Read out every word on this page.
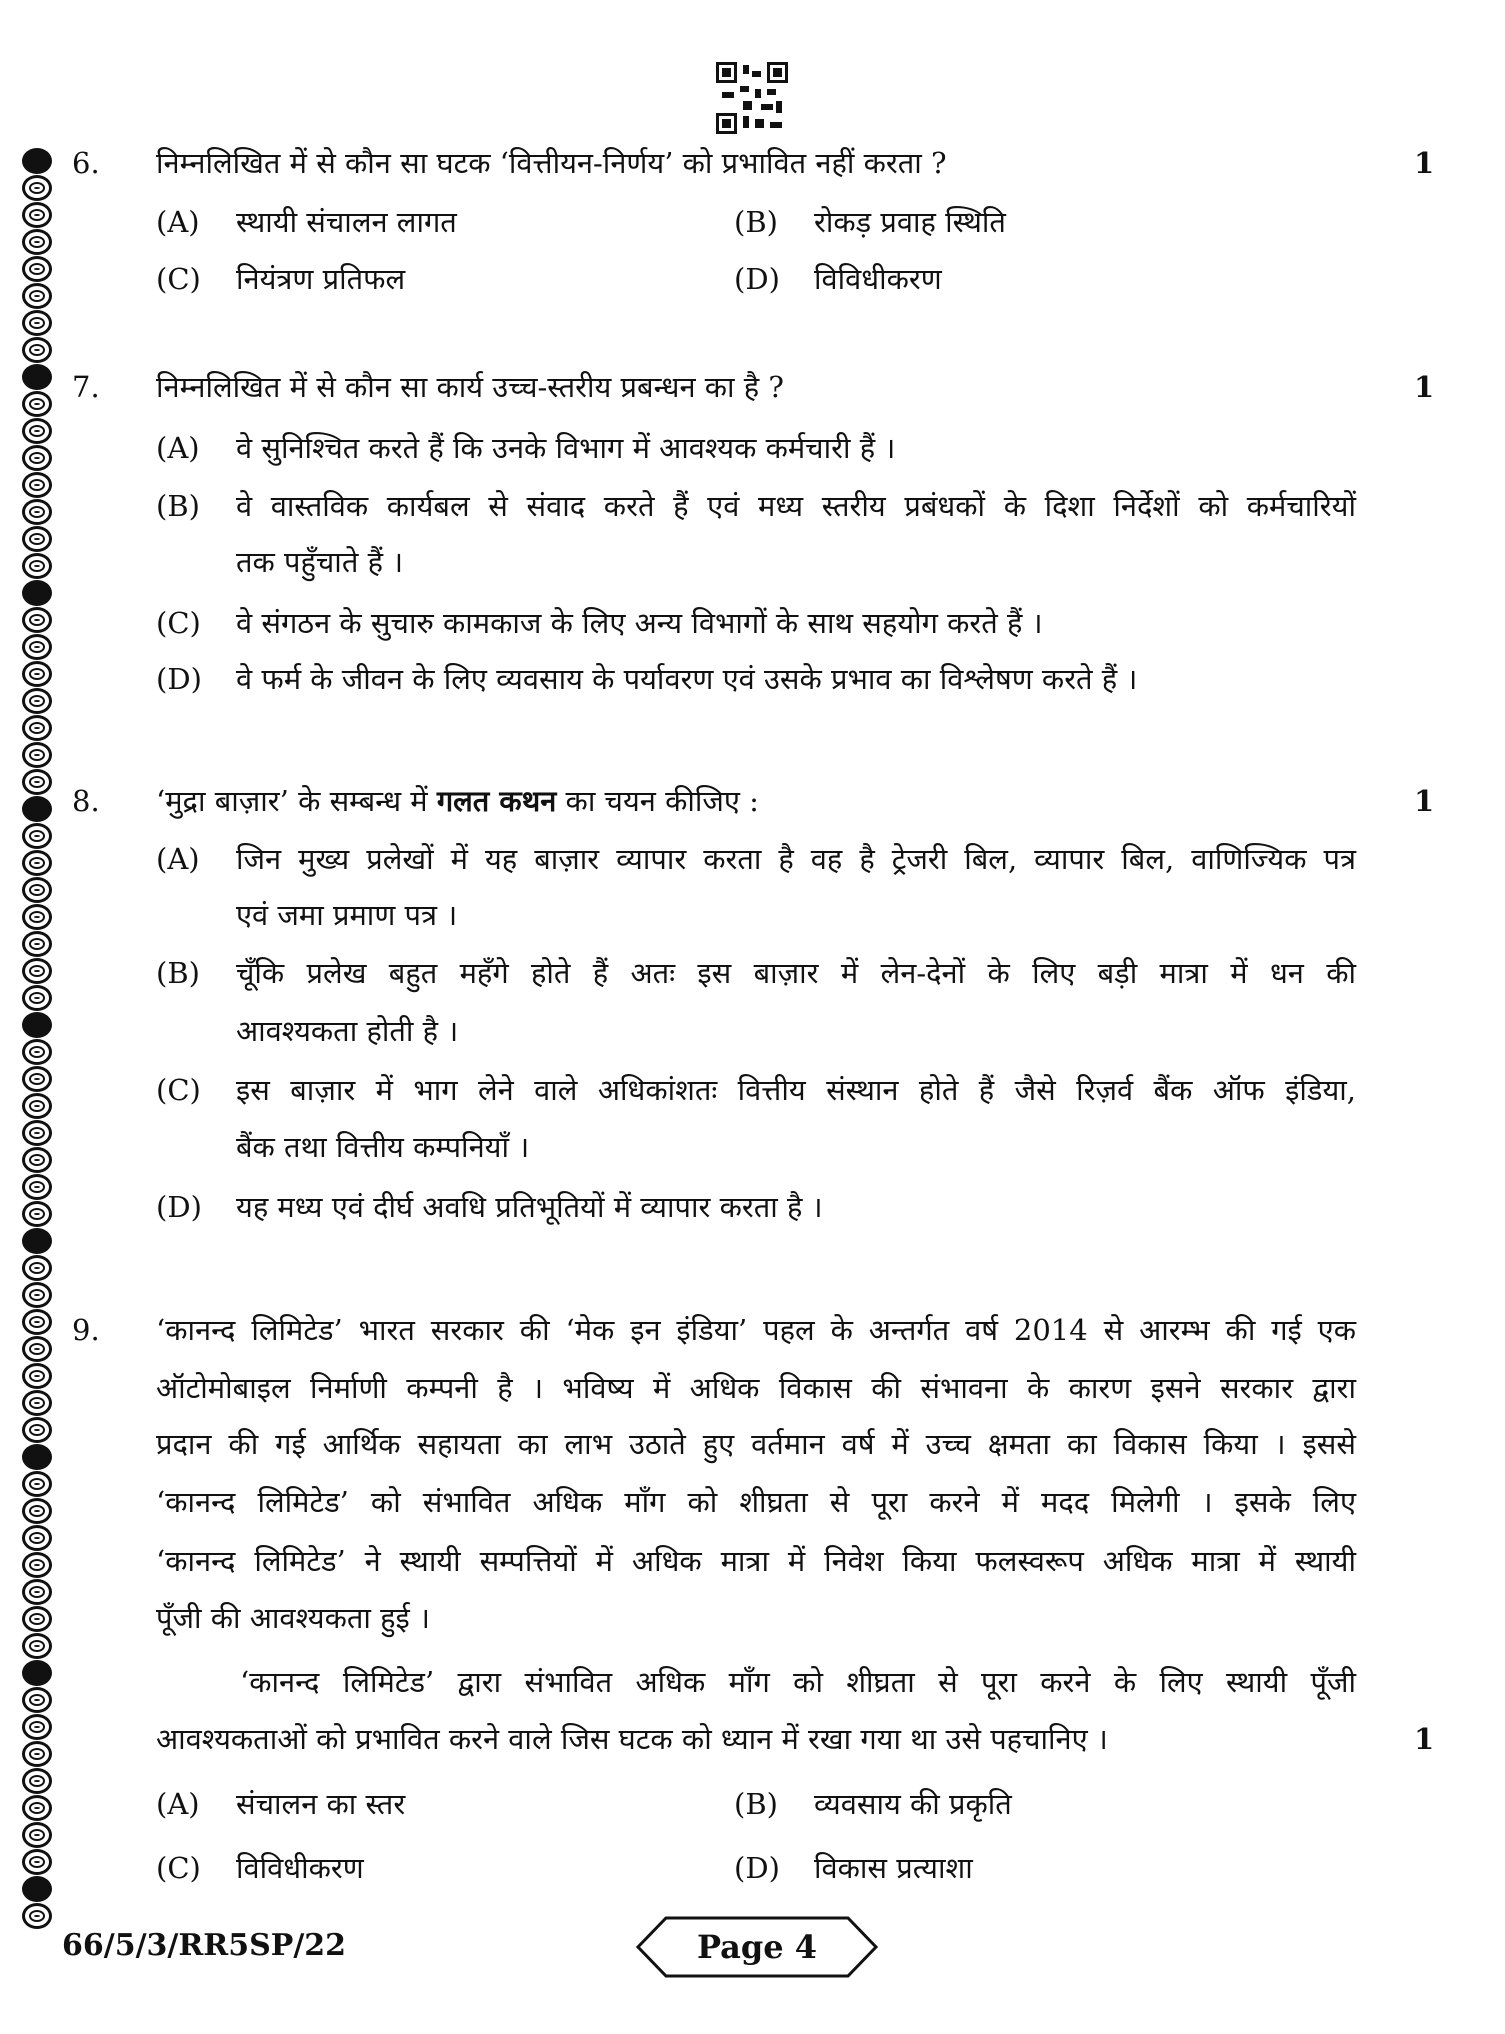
6. निम्नलिखित में से कौन सा घटक ‘वित्तीयन-निर्णय’ को प्रभावित नहीं करता ?	1
(A) स्थायी संचालन लागत	(B) रोकड़ प्रवाह स्थिति
(C) नियंत्रण प्रतिफल	(D) विविधीकरण
7. निम्नलिखित में से कौन सा कार्य उच्च-स्तरीय प्रबन्धन का है ?	1
(A) वे सुनिश्चित करते हैं कि उनके विभाग में आवश्यक कर्मचारी हैं ।
(B) वे वास्तविक कार्यबल से संवाद करते हैं एवं मध्य स्तरीय प्रबंधकों के दिशा निर्देशों को कर्मचारियों
तक पहुँचाते हैं ।
(C) वे संगठन के सुचारु कामकाज के लिए अन्य विभागों के साथ सहयोग करते हैं ।
(D) वे फर्म के जीवन के लिए व्यवसाय के पर्यावरण एवं उसके प्रभाव का विश्लेषण करते हैं ।
8. ‘मुद्रा बाज़ार’ के सम्बन्ध में गलत कथन का चयन कीजिए :	1
(A) जिन मुख्य प्रलेखों में यह बाज़ार व्यापार करता है वह है ट्रेजरी बिल, व्यापार बिल, वाणिज्यिक पत्र
एवं जमा प्रमाण पत्र ।
(B) चूँकि प्रलेख बहुत महँगे होते हैं अतः इस बाज़ार में लेन-देनों के लिए बड़ी मात्रा में धन की
आवश्यकता होती है ।
(C) इस बाज़ार में भाग लेने वाले अधिकांशतः वित्तीय संस्थान होते हैं जैसे रिज़र्व बैंक ऑफ इंडिया,
बैंक तथा वित्तीय कम्पनियाँ ।
(D) यह मध्य एवं दीर्घ अवधि प्रतिभूतियों में व्यापार करता है ।
9. ‘कानन्द लिमिटेड’ भारत सरकार की ‘मेक इन इंडिया’ पहल के अन्तर्गत वर्ष 2014 से आरम्भ की गई एक
ऑटोमोबाइल निर्माणी कम्पनी है । भविष्य में अधिक विकास की संभावना के कारण इसने सरकार द्वारा
प्रदान की गई आर्थिक सहायता का लाभ उठाते हुए वर्तमान वर्ष में उच्च क्षमता का विकास किया । इससे
‘कानन्द लिमिटेड’ को संभावित अधिक माँग को शीघ्रता से पूरा करने में मदद मिलेगी । इसके लिए
‘कानन्द लिमिटेड’ ने स्थायी सम्पत्तियों में अधिक मात्रा में निवेश किया फलस्वरूप अधिक मात्रा में स्थायी
पूँजी की आवश्यकता हुई ।
‘कानन्द लिमिटेड’ द्वारा संभावित अधिक माँग को शीघ्रता से पूरा करने के लिए स्थायी पूँजी
आवश्यकताओं को प्रभावित करने वाले जिस घटक को ध्यान में रखा गया था उसे पहचानिए ।	1
(A) संचालन का स्तर	(B) व्यवसाय की प्रकृति
(C) विविधीकरण	(D) विकास प्रत्याशा
66/5/3/RR5SP/22	Page 4
